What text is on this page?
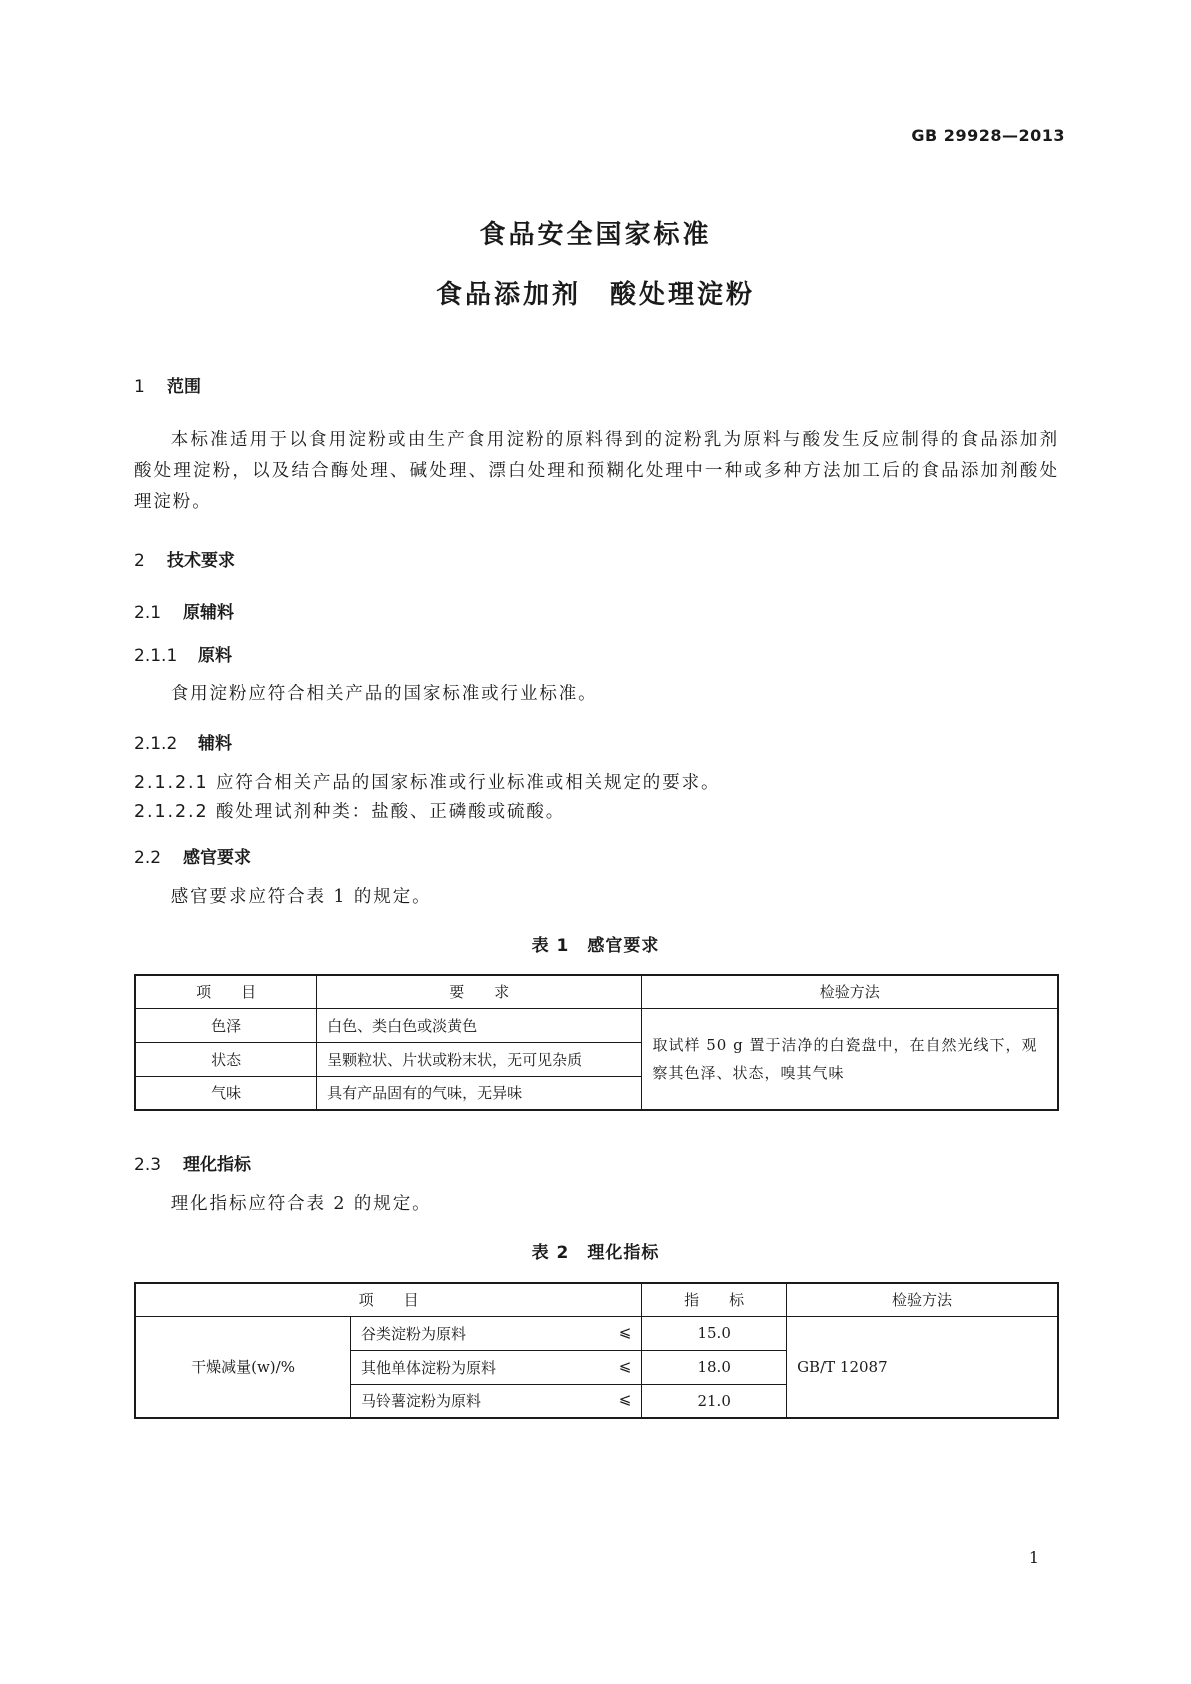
GB 29928—2013
食品安全国家标准
食品添加剂　酸处理淀粉
1 范围
本标准适用于以食用淀粉或由生产食用淀粉的原料得到的淀粉乳为原料与酸发生反应制得的食品添加剂酸处理淀粉，以及结合酶处理、碱处理、漂白处理和预糊化处理中一种或多种方法加工后的食品添加剂酸处理淀粉。
2 技术要求
2.1 原辅料
2.1.1 原料
食用淀粉应符合相关产品的国家标准或行业标准。
2.1.2 辅料
2.1.2.1 应符合相关产品的国家标准或行业标准或相关规定的要求。
2.1.2.2 酸处理试剂种类：盐酸、正磷酸或硫酸。
2.2 感官要求
感官要求应符合表 1 的规定。
表 1　感官要求
项　　目	要　　求	检验方法
色泽	白色、类白色或淡黄色	取试样 50 g 置于洁净的白瓷盘中，在自然光线下，观察其色泽、状态，嗅其气味
状态	呈颗粒状、片状或粉末状，无可见杂质	
气味	具有产品固有的气味，无异味	
2.3 理化指标
理化指标应符合表 2 的规定。
表 2　理化指标
项　　目		指　　标	检验方法
干燥减量(w)/%	谷类淀粉为原料 ⩽	15.0	GB/T 12087
	其他单体淀粉为原料 ⩽	18.0	
	马铃薯淀粉为原料 ⩽	21.0	
1
